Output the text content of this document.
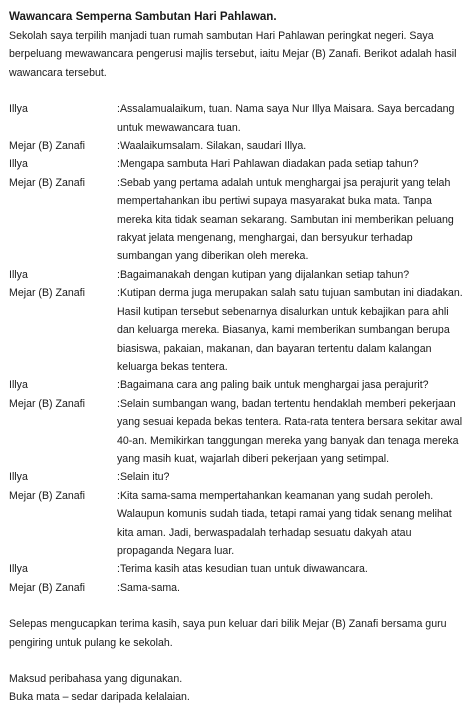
Wawancara Semperna Sambutan Hari Pahlawan.

Sekolah saya terpilih manjadi tuan rumah sambutan Hari Pahlawan peringkat negeri. Saya berpeluang mewawancara pengerusi majlis tersebut, iaitu Mejar (B) Zanafi. Berikot adalah hasil wawancara tersebut.

Illya	:Assalamualaikum, tuan. Nama saya Nur Illya Maisara. Saya bercadang untuk mewawancara tuan.

Mejar (B) Zanafi	:Waalaikumsalam. Silakan, saudari Illya.

Illya	:Mengapa sambuta Hari Pahlawan diadakan pada setiap tahun?

Mejar (B) Zanafi	:Sebab yang pertama adalah untuk menghargai jsa perajurit yang telah mempertahankan ibu pertiwi supaya masyarakat buka mata. Tanpa mereka kita tidak seaman sekarang. Sambutan ini memberikan peluang rakyat jelata mengenang, menghargai, dan bersyukur terhadap sumbangan yang diberikan oleh mereka.

Illya	:Bagaimanakah dengan kutipan yang dijalankan setiap tahun?

Mejar (B) Zanafi	:Kutipan derma juga merupakan salah satu tujuan sambutan ini diadakan. Hasil kutipan tersebut sebenarnya disalurkan untuk kebajikan para ahli dan keluarga mereka. Biasanya, kami memberikan sumbangan berupa biasiswa, pakaian, makanan, dan bayaran tertentu dalam kalangan keluarga bekas tentera.

Illya	:Bagaimana cara ang paling baik untuk menghargai jasa perajurit?

Mejar (B) Zanafi	:Selain sumbangan wang, badan tertentu hendaklah memberi pekerjaan yang sesuai kepada bekas tentera. Rata-rata tentera bersara sekitar awal 40-an. Memikirkan tanggungan mereka yang banyak dan tenaga mereka yang masih kuat, wajarlah diberi pekerjaan yang setimpal.

Illya	:Selain itu?

Mejar (B) Zanafi	:Kita sama-sama mempertahankan keamanan yang sudah peroleh. Walaupun komunis sudah tiada, tetapi ramai yang tidak senang melihat kita aman. Jadi, berwaspadalah terhadap sesuatu dakyah atau propaganda Negara luar.

Illya	:Terima kasih atas kesudian tuan untuk diwawancara.

Mejar (B) Zanafi	:Sama-sama.

Selepas mengucapkan terima kasih, saya pun keluar dari bilik Mejar (B) Zanafi bersama guru pengiring untuk pulang ke sekolah.

Maksud peribahasa yang digunakan.

Buka mata – sedar daripada kelalaian.
